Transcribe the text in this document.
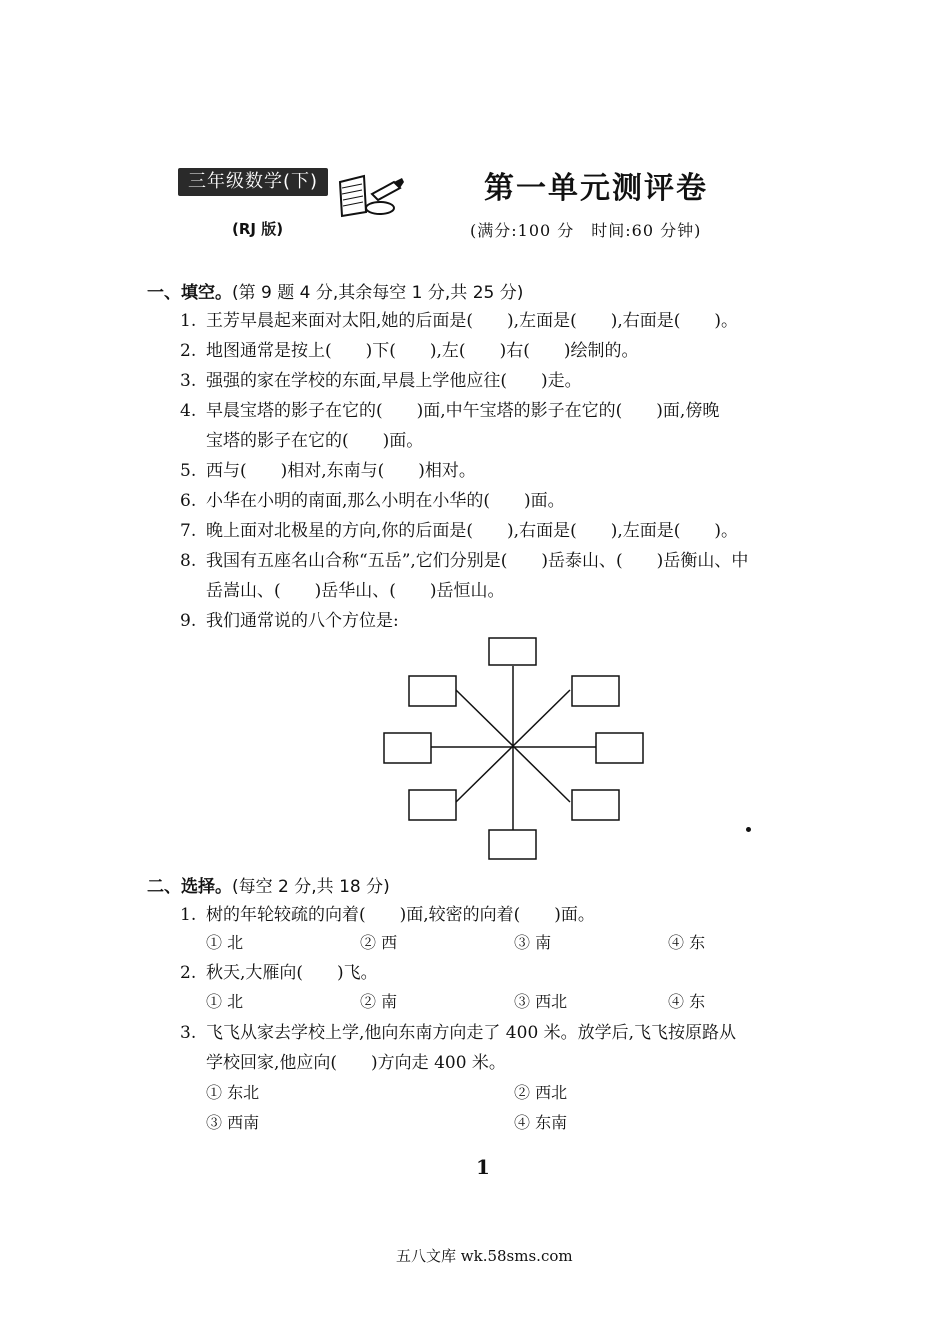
三年级数学(下)
(RJ 版)
第一单元测评卷
(满分:100 分　时间:60 分钟)
一、填空。(第 9 题 4 分,其余每空 1 分,共 25 分)
1. 王芳早晨起来面对太阳,她的后面是(　　),左面是(　　),右面是(　　)。
2. 地图通常是按上(　　)下(　　),左(　　)右(　　)绘制的。
3. 强强的家在学校的东面,早晨上学他应往(　　)走。
4. 早晨宝塔的影子在它的(　　)面,中午宝塔的影子在它的(　　)面,傍晚
宝塔的影子在它的(　　)面。
5. 西与(　　)相对,东南与(　　)相对。
6. 小华在小明的南面,那么小明在小华的(　　)面。
7. 晚上面对北极星的方向,你的后面是(　　),右面是(　　),左面是(　　)。
8. 我国有五座名山合称“五岳”,它们分别是(　　)岳泰山、(　　)岳衡山、中
岳嵩山、(　　)岳华山、(　　)岳恒山。
9. 我们通常说的八个方位是:
二、选择。(每空 2 分,共 18 分)
1. 树的年轮较疏的向着(　　)面,较密的向着(　　)面。
① 北	② 西	③ 南	④ 东
2. 秋天,大雁向(　　)飞。
① 北	② 南	③ 西北	④ 东
3. 飞飞从家去学校上学,他向东南方向走了 400 米。放学后,飞飞按原路从
学校回家,他应向(　　)方向走 400 米。
① 东北	② 西北
③ 西南	④ 东南
1
五八文库 wk.58sms.com
